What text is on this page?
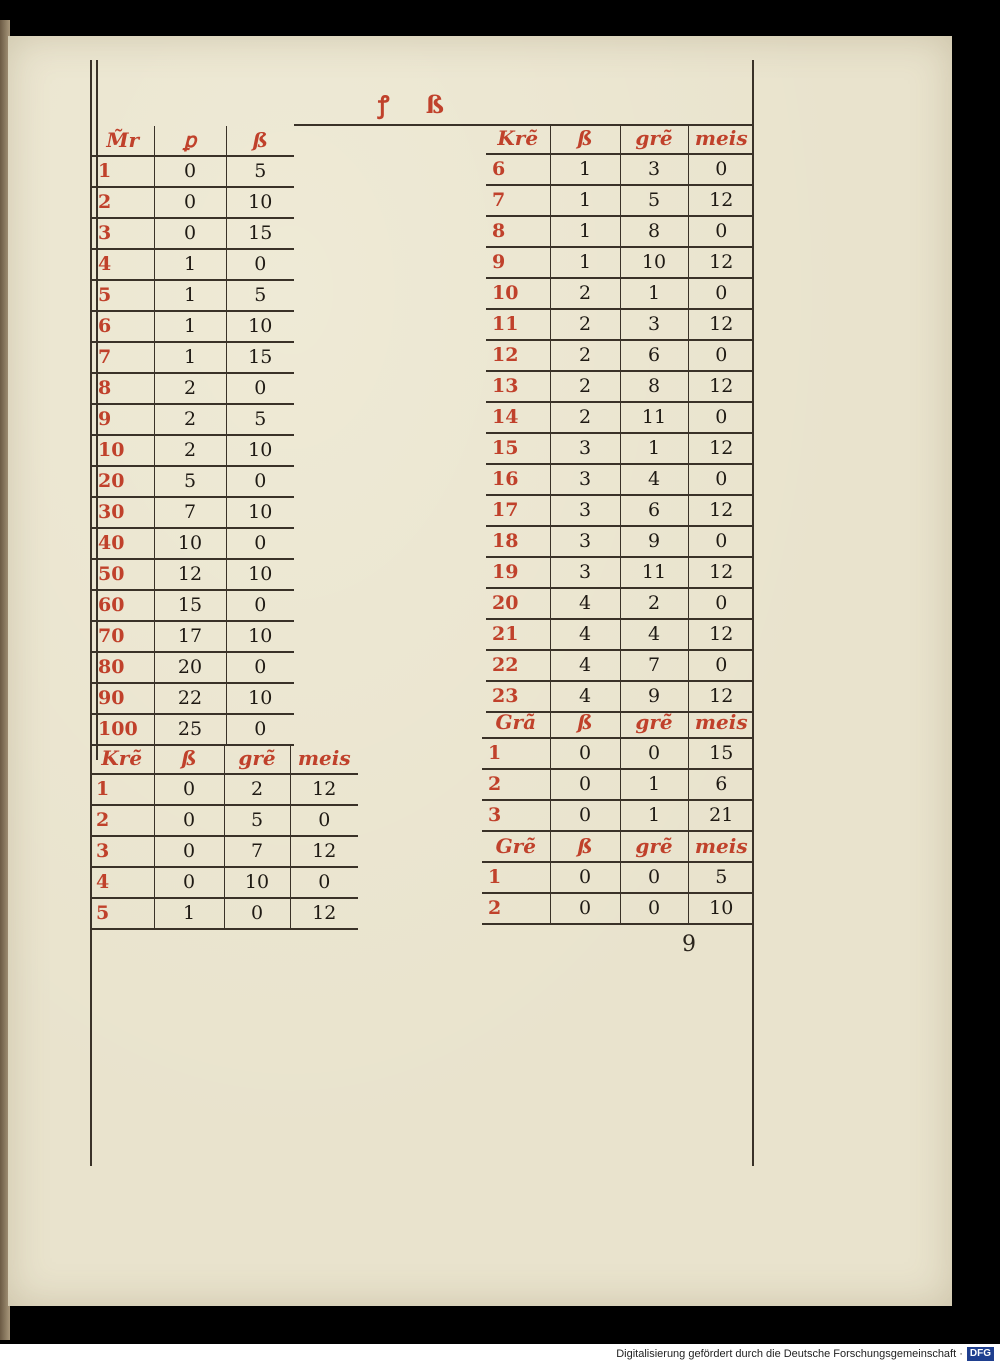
ꝭ ß
M̃r	ꝑ	ß
1	0	5
2	0	10
3	0	15
4	1	0
5	1	5
6	1	10
7	1	15
8	2	0
9	2	5
10	2	10
20	5	0
30	7	10
40	10	0
50	12	10
60	15	0
70	17	10
80	20	0
90	22	10
100	25	0
Krẽ	ß	grẽ	meis
1	0	2	12
2	0	5	0
3	0	7	12
4	0	10	0
5	1	0	12
Krẽ	ß	grẽ	meis
6	1	3	0
7	1	5	12
8	1	8	0
9	1	10	12
10	2	1	0
11	2	3	12
12	2	6	0
13	2	8	12
14	2	11	0
15	3	1	12
16	3	4	0
17	3	6	12
18	3	9	0
19	3	11	12
20	4	2	0
21	4	4	12
22	4	7	0
23	4	9	12
Grã	ß	grẽ	meis
1	0	0	15
2	0	1	6
3	0	1	21
Grẽ	ß	grẽ	meis
1	0	0	5
2	0	0	10
9
Digitalisierung gefördert durch die Deutsche Forschungsgemeinschaft · DFG
